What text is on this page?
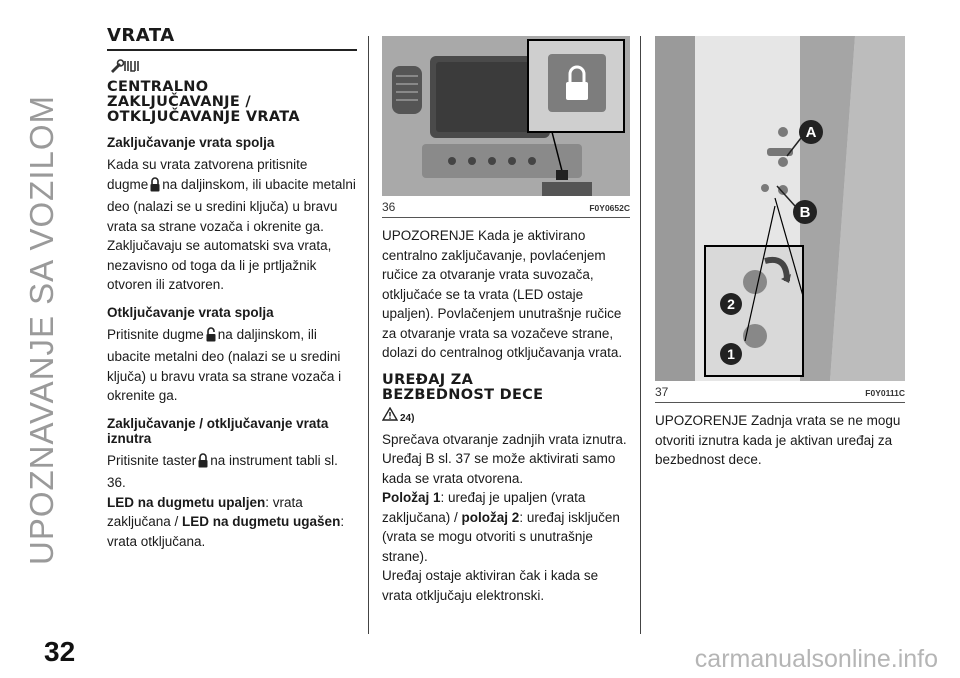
UPOZNAVANJE SA VOZILOM
32
VRATA
CENTRALNO
ZAKLJUČAVANJE /
OTKLJUČAVANJE VRATA
Zaključavanje vrata spolja

Kada su vrata zatvorena pritisnite
dugme na daljinskom, ili ubacite metalni deo (nalazi se u sredini ključa) u bravu vrata sa strane vozača i okrenite ga. Zaključavaju se automatski sva vrata, nezavisno od toga da li je prtljažnik otvoren ili zatvoren.

Otključavanje vrata spolja

Pritisnite dugme na daljinskom, ili ubacite metalni deo (nalazi se u sredini ključa) u bravu vrata sa strane vozača i okrenite ga.

Zaključavanje / otključavanje vrata iznutra

Pritisnite taster na instrument tabli sl. 36.

LED na dugmetu upaljen: vrata zaključana / LED na dugmetu ugašen: vrata otključana.

36	F0Y0652C

UPOZORENJE Kada je aktivirano centralno zaključavanje, povlaćenjem ručice za otvaranje vrata suvozača, otključaće se ta vrata (LED ostaje upaljen). Povlačenjem unutrašnje ručice za otvaranje vrata sa vozačeve strane, dolazi do centralnog otključavanja vrata.

UREĐAJ ZA
BEZBEDNOST DECE
24)

Sprečava otvaranje zadnjih vrata iznutra. Uređaj B sl. 37 se može aktivirati samo kada se vrata otvorena.

Položaj 1: uređaj je upaljen (vrata zaključana) / položaj 2: uređaj isključen (vrata se mogu otvoriti s unutrašnje strane).

Uređaj ostaje aktiviran čak i kada se vrata otključaju elektronski.

A
B
2
1
37	F0Y0111C

UPOZORENJE Zadnja vrata se ne mogu otvoriti iznutra kada je aktivan uređaj za bezbednost dece.

carmanualsonline.info
